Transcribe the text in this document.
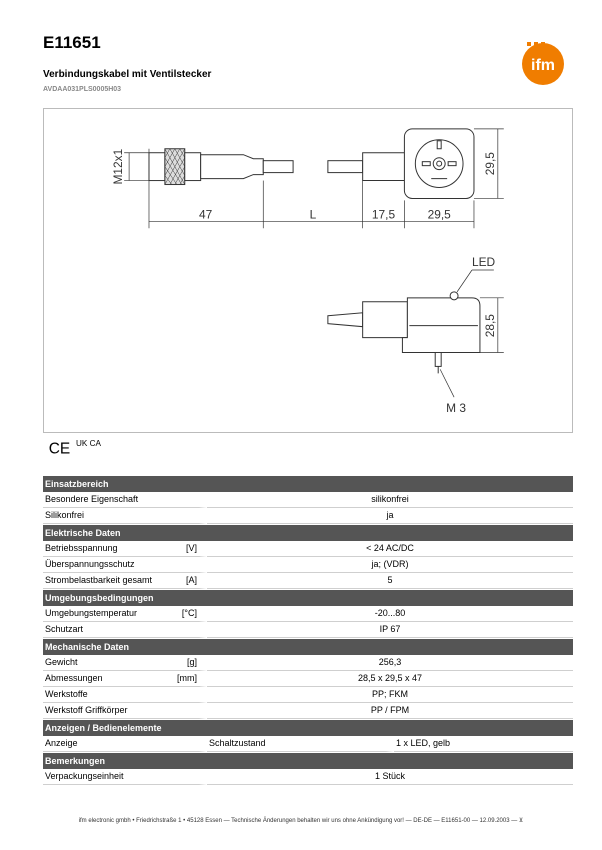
E11651
Verbindungskabel mit Ventilstecker
AVDAA031PLS0005H03
ifm
M12x1
47	L	17,5	29,5
29,5
LED
28,5
M 3
CE UK CA
Einsatzbereich			
Besondere Eigenschaft		silikonfrei	
Silikonfrei		ja	
Elektrische Daten			
Betriebsspannung	[V]	< 24 AC/DC	
Überspannungsschutz		ja; (VDR)	
Strombelastbarkeit gesamt	[A]	5	
Umgebungsbedingungen			
Umgebungstemperatur	[°C]	-20...80	
Schutzart		IP 67	
Mechanische Daten			
Gewicht	[g]	256,3	
Abmessungen	[mm]	28,5 x 29,5 x 47	
Werkstoffe		PP; FKM	
Werkstoff Griffkörper		PP / FPM	
Anzeigen / Bedienelemente			
Anzeige		Schaltzustand	1 x LED, gelb
Bemerkungen			
Verpackungseinheit		1 Stück	
ifm electronic gmbh • Friedrichstraße 1 • 45128 Essen — Technische Änderungen behalten wir uns ohne Ankündigung vor! — DE-DE — E11651-00 — 12.09.2003 — ⊻
